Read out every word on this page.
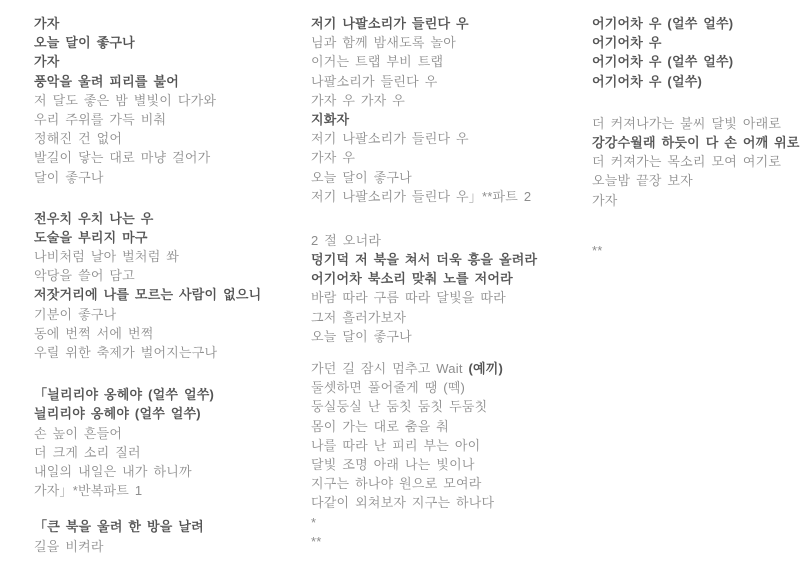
가자
오늘 달이 좋구나
가자
풍악을 울려 피리를 불어
저 달도 좋은 밤 별빛이 다가와
우리 주위를 가득 비춰
정해진 건 없어
발길이 닿는 대로 마냥 걸어가
달이 좋구나
전우치 우치 나는 우
도술을 부리지 마구
나비처럼 날아 벌처럼 쏴
악당을 쓸어 담고
저잣거리에 나를 모르는 사람이 없으니
기분이 좋구나
동에 번쩍 서에 번쩍
우릴 위한 축제가 벌어지는구나
「늴리리야 옹헤야 (얼쑤 얼쑤)
늴리리야 옹헤야 (얼쑤 얼쑤)
손 높이 흔들어
더 크게 소리 질러
내일의 내일은 내가 하니까
가자」*반복파트 1
「큰 북을 울려 한 방을 날려
길을 비켜라
저기 나팔소리가 들린다 우
님과 함께 밤새도록 놀아
이거는 트랩 부비 트랩
나팔소리가 들린다 우
가자 우 가자 우
지화자
저기 나팔소리가 들린다 우
가자 우
오늘 달이 좋구나
저기 나팔소리가 들린다 우」**파트 2
2 절 오너라
덩기덕 저 북을 쳐서 더욱 흥을 올려라
어기어차 북소리 맞춰 노를 저어라
바람 따라 구름 따라 달빛을 따라
그저 흘러가보자
오늘 달이 좋구나
가던 길 잠시 멈추고 Wait (예끼)
둘셋하면 풀어줄게 땡 (떽)
둥실둥실 난 둠칫 둠칫 두둠칫
몸이 가는 대로 춤을 춰
나를 따라 난 피리 부는 아이
달빛 조명 아래 나는 빛이나
지구는 하나야 원으로 모여라
다같이 외쳐보자 지구는 하나다
*
**
어기어차 우 (얼쑤 얼쑤)
어기어차 우
어기어차 우 (얼쑤 얼쑤)
어기어차 우 (얼쑤)
더 커져나가는 불씨 달빛 아래로
강강수월래 하듯이 다 손 어깨 위로
더 커져가는 목소리 모여 여기로
오늘밤 끝장 보자
가자
**
